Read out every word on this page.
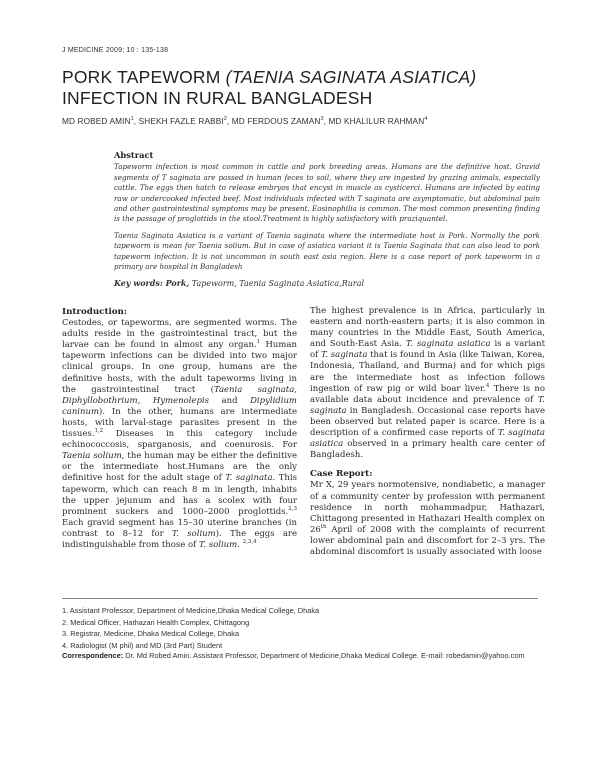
J MEDICINE 2009; 10 : 135-138
PORK TAPEWORM (TAENIA SAGINATA ASIATICA)
INFECTION IN RURAL BANGLADESH
MD ROBED AMIN$^1$, SHEKH FAZLE RABBI$^2$, MD FERDOUS ZAMAN$^3$, MD KHALILUR RAHMAN$^4$
Abstract

Tapeworm infection is most common in cattle and pork breeding areas. Humans are the definitive host. Gravid segments of T saginata are passed in human feces to soil, where they are ingested by grazing animals, especially cattle. The eggs then hatch to release embryos that encyst in muscle as cysticerci. Humans are infected by eating raw or undercooked infected beef. Most individuals infected with T saginata are asymptomatic, but abdominal pain and other gastrointestinal symptoms may be present. Eosinophilia is common. The most common presenting finding is the passage of proglottids in the stool.Treatment is highly satisfactory with praziquantel.

Taenia Saginata Asiatica is a variant of Taenia saginata where the intermediate host is Pork. Normally the pork tapeworm is mean for Taenia solium. But in case of asiatica variant it is Taenia Saginata that can also lead to pork tapeworm infection. It is not uncommon in south east asia region. Here is a case report of pork tapeworm in a primary are hospital in Bangladesh

Key words: Pork, Tapeworm, Taenia Saginata Asiatica,Rural
Introduction:

Cestodes, or tapeworms, are segmented worms. The adults reside in the gastrointestinal tract, but the larvae can be found in almost any organ.$^1$ Human tapeworm infections can be divided into two major clinical groups. In one group, humans are the definitive hosts, with the adult tapeworms living in the gastrointestinal tract (Taenia saginata, Diphyllobothrium, Hymenolepis and Dipylidium caninum). In the other, humans are intermediate hosts, with larval-stage parasites present in the tissues.$^{1,2}$ Diseases in this category include echinococcosis, sparganosis, and coenurosis. For Taenia solium, the human may be either the definitive or the intermediate host.Humans are the only definitive host for the adult stage of T. saginata. This tapeworm, which can reach 8 m in length, inhabits the upper jejunum and has a scolex with four prominent suckers and 1000–2000 proglottids.$^{2,3}$ Each gravid segment has 15–30 uterine branches (in contrast to 8–12 for T. solium). The eggs are indistinguishable from those of T. solium. $^{2,3,4}$

The highest prevalence is in Africa, particularly in eastern and north-eastern parts; it is also common in many countries in the Middle East, South America, and South-East Asia. T. saginata asiatica is a variant of T. saginata that is found in Asia (like Taiwan, Korea, Indonesia, Thailand, and Burma) and for which pigs are the intermediate host as infection follows ingestion of raw pig or wild boar liver.$^4$ There is no available data about incidence and prevalence of T. saginata in Bangladesh. Occasional case reports have been observed but related paper is scarce. Here is a description of a confirmed case reports of T. saginata asiatica observed in a primary health care center of Bangladesh.

Case Report:

Mr X, 29 years normotensive, nondiabetic, a manager of a community center by profession with permanent residence in north mohammadpur, Hathazari, Chittagong presented in Hathazari Health complex on 26th April of 2008 with the complaints of recurrent lower abdominal pain and discomfort for 2–3 yrs. The abdominal discomfort is usually associated with loose

1. Assistant Professor, Department of Medicine,Dhaka Medical College, Dhaka
2. Medical Officer, Hathazari Health Complex, Chittagong
3. Registrar, Medicine, Dhaka Medical College, Dhaka
4. Radiologist (M phil) and MD (3rd Part) Student
Correspondence: Dr. Md Robed Amin. Assistant Professor, Department of Medicine,Dhaka Medical College. E-mail: robedamin@yahoo.com
